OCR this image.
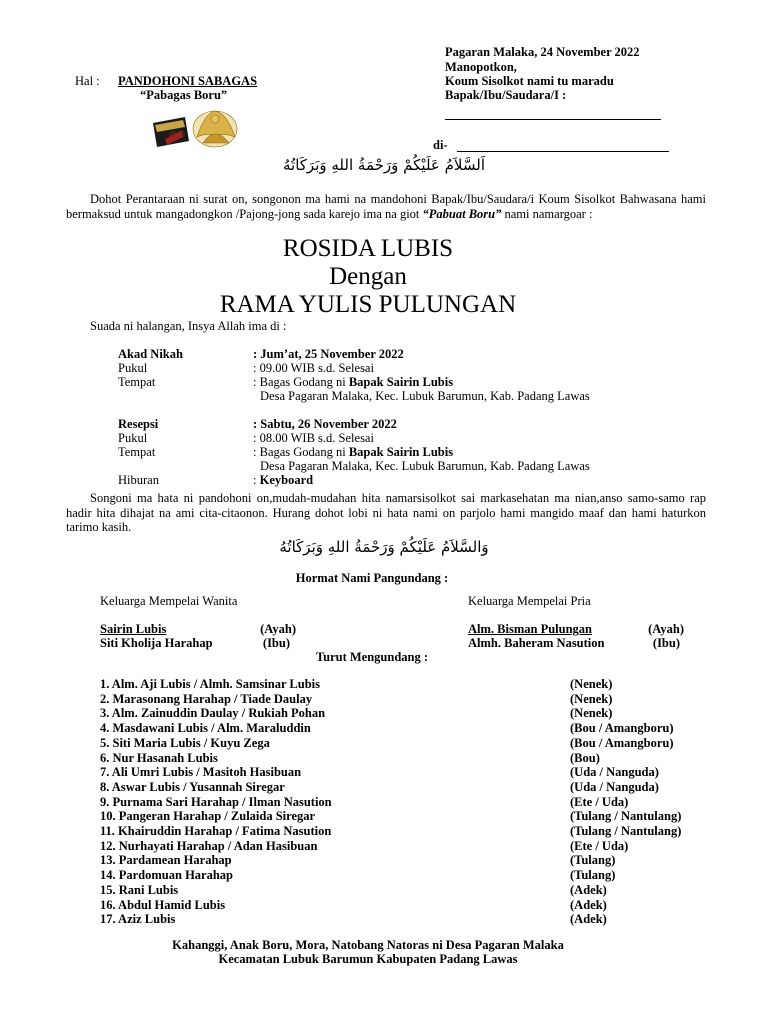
Pagaran Malaka, 24 November 2022
Manopotkon,
Koum Sisolkot nami tu maradu
Bapak/Ibu/Saudara/I :
di-
Hal : PANDOHONI SABAGAS
“Pabagas Boru”
اَلسَّلاَمُ عَلَيْكُمْ وَرَحْمَةُ اللهِ وَبَرَكَاتُهُ
Dohot Perantaraan ni surat on, songonon ma hami na mandohoni Bapak/Ibu/Saudara/i Koum Sisolkot Bahwasana hami bermaksud untuk mangadongkon /Pajong-jong sada karejo ima na giot “Pabuat Boru” nami namargoar :
ROSIDA LUBIS
Dengan
RAMA YULIS PULUNGAN
Suada ni halangan, Insya Allah ima di :
Akad Nikah	: Jum’at, 25 November 2022
Pukul	: 09.00 WIB s.d. Selesai
Tempat	: Bagas Godang ni Bapak Sairin Lubis
Desa Pagaran Malaka, Kec. Lubuk Barumun, Kab. Padang Lawas
Resepsi	: Sabtu, 26 November 2022
Pukul	: 08.00 WIB s.d. Selesai
Tempat	: Bagas Godang ni Bapak Sairin Lubis
Desa Pagaran Malaka, Kec. Lubuk Barumun, Kab. Padang Lawas
Hiburan	: Keyboard
Songoni ma hata ni pandohoni on,mudah-mudahan hita namarsisolkot sai markasehatan ma nian,anso samo-samo rap hadir hita dihajat na ami cita-citaonon. Hurang dohot lobi ni hata nami on parjolo hami mangido maaf dan hami haturkon tarimo kasih.
وَالسَّلاَمُ عَلَيْكُمْ وَرَحْمَةُ اللهِ وَبَرَكَاتُهُ
Hormat Nami Pangundang :
Keluarga Mempelai Wanita	Keluarga Mempelai Pria
Sairin Lubis	(Ayah)
Siti Kholija Harahap	(Ibu)
Alm. Bisman Pulungan	(Ayah)
Almh. Baheram Nasution	(Ibu)
Turut Mengundang :
1. Alm. Aji Lubis / Almh. Samsinar Lubis	(Nenek)
2. Marasonang Harahap / Tiade Daulay	(Nenek)
3. Alm. Zainuddin Daulay / Rukiah Pohan	(Nenek)
4. Masdawani Lubis / Alm. Maraluddin	(Bou / Amangboru)
5. Siti Maria Lubis / Kuyu Zega	(Bou / Amangboru)
6. Nur Hasanah Lubis	(Bou)
7. Ali Umri Lubis / Masitoh Hasibuan	(Uda / Nanguda)
8. Aswar Lubis / Yusannah Siregar	(Uda / Nanguda)
9. Purnama Sari Harahap / Ilman Nasution	(Ete / Uda)
10. Pangeran Harahap / Zulaida Siregar	(Tulang / Nantulang)
11. Khairuddin Harahap / Fatima Nasution	(Tulang / Nantulang)
12. Nurhayati Harahap / Adan Hasibuan	(Ete / Uda)
13. Pardamean Harahap	(Tulang)
14. Pardomuan Harahap	(Tulang)
15. Rani Lubis	(Adek)
16. Abdul Hamid Lubis	(Adek)
17. Aziz Lubis	(Adek)
Kahanggi, Anak Boru, Mora, Natobang Natoras ni Desa Pagaran Malaka
Kecamatan Lubuk Barumun Kabupaten Padang Lawas
